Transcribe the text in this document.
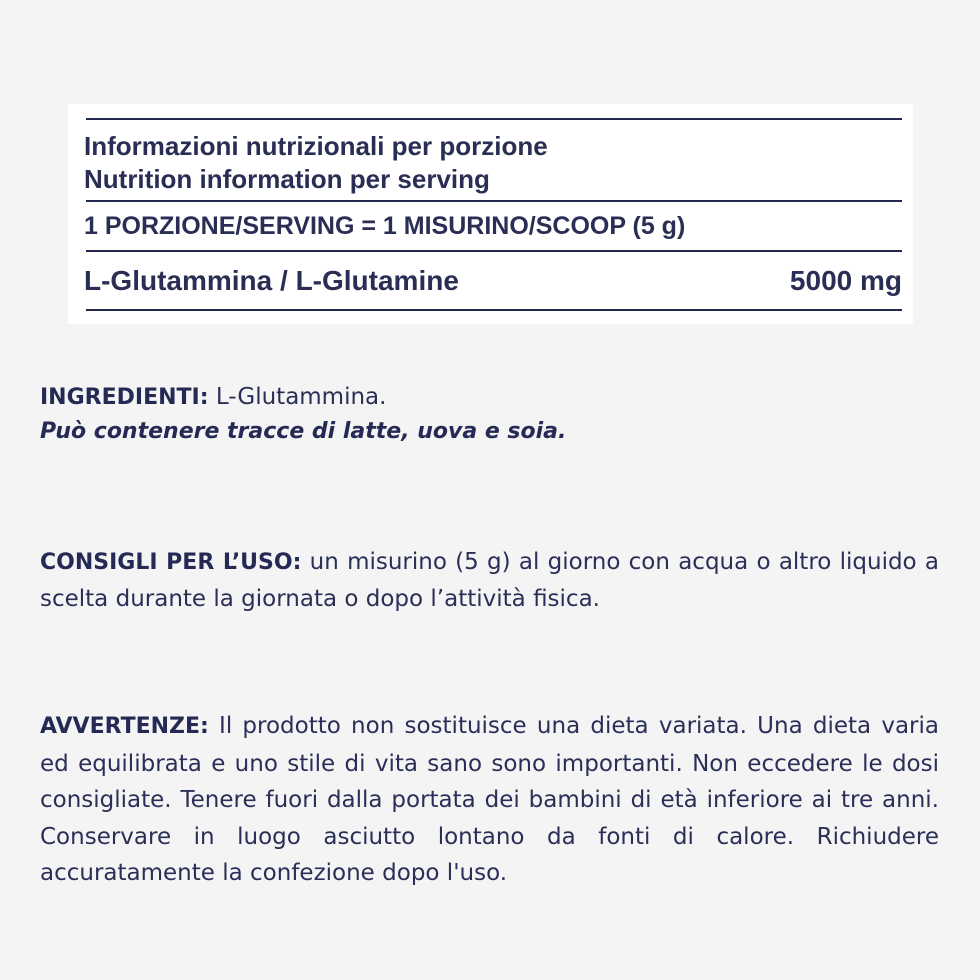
Informazioni nutrizionali per porzione
Nutrition information per serving
1 PORZIONE/SERVING = 1 MISURINO/SCOOP (5 g)
L-Glutammina / L-Glutamine	5000 mg
INGREDIENTI: L-Glutammina.
Può contenere tracce di latte, uova e soia.
CONSIGLI PER L’USO: un misurino (5 g) al giorno con acqua o altro liquido a scelta durante la giornata o dopo l’attività fisica.
AVVERTENZE: Il prodotto non sostituisce una dieta variata. Una dieta varia ed equilibrata e uno stile di vita sano sono importanti. Non eccedere le dosi consigliate. Tenere fuori dalla portata dei bambini di età inferiore ai tre anni. Conservare in luogo asciutto lontano da fonti di calore. Richiudere accuratamente la confezione dopo l'uso.
